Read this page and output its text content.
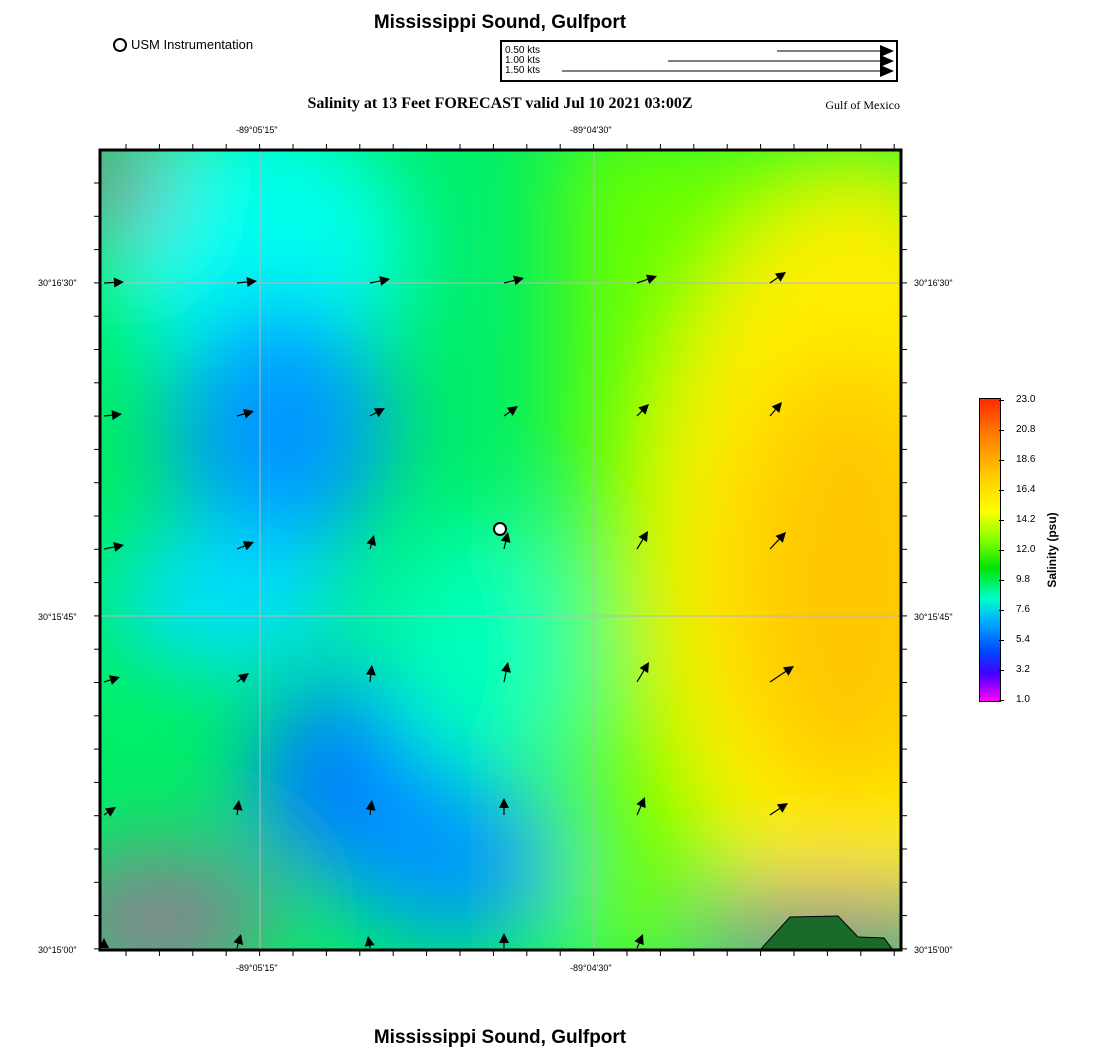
Mississippi Sound, Gulfport
USM Instrumentation	0.50 kts
1.00 kts
1.50 kts
Salinity at 13 Feet FORECAST valid Jul 10 2021 03:00Z	Gulf of Mexico
-89°05'15"	-89°04'30"
-89°05'15"	-89°04'30"
30°16'30"
30°15'45"
30°15'00"
30°16'30"
30°15'45"
30°15'00"
23.0
20.8
18.6
16.4
14.2
12.0
9.8
7.6
5.4
3.2
1.0
Salinity (psu)
Mississippi Sound, Gulfport
